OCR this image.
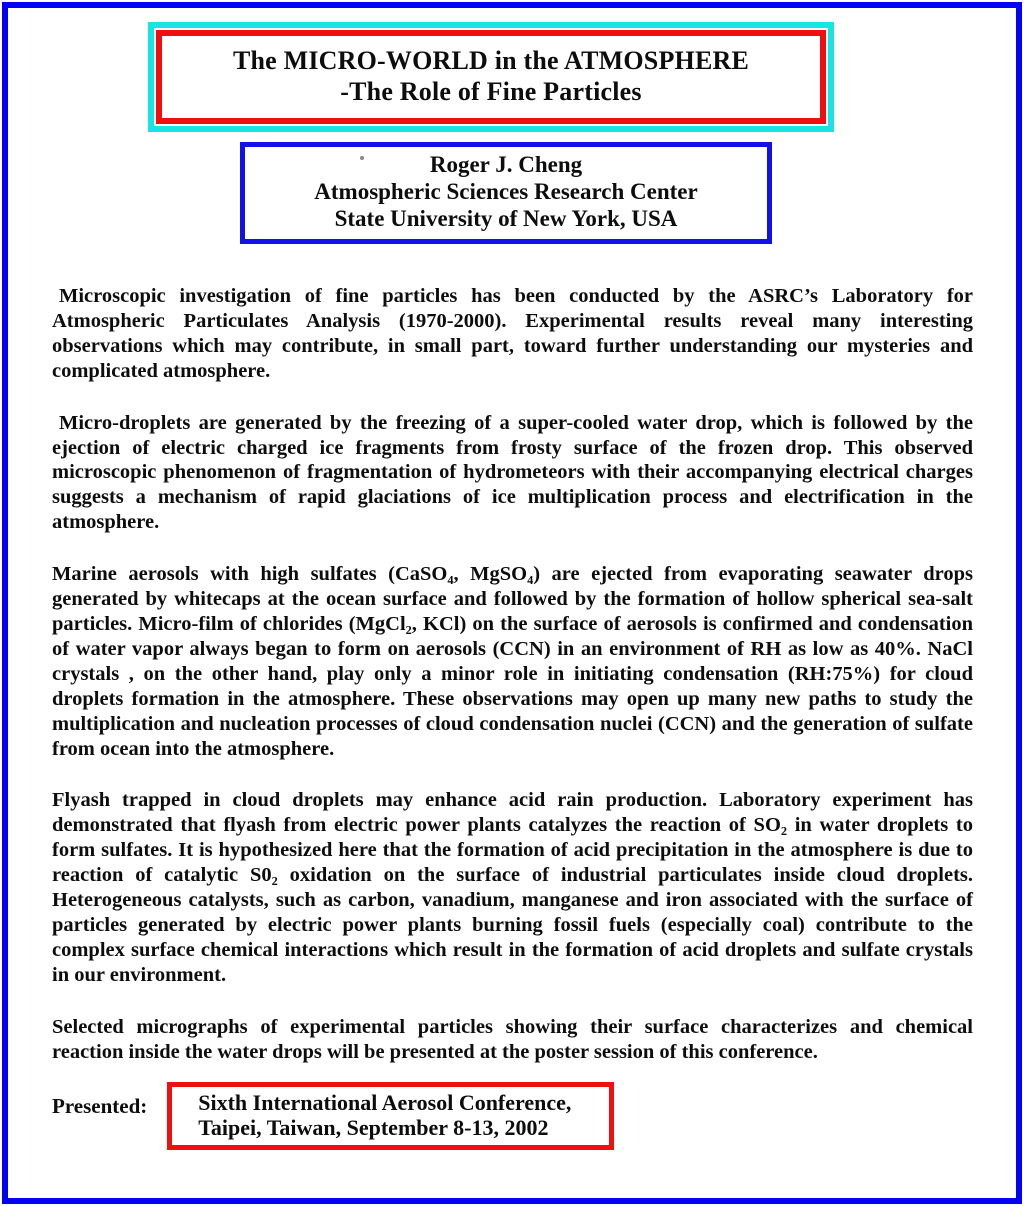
The MICRO-WORLD in the ATMOSPHERE
-The Role of Fine Particles
Roger J. Cheng
Atmospheric Sciences Research Center
State University of New York, USA

Microscopic investigation of fine particles has been conducted by the ASRC’s Laboratory for Atmospheric Particulates Analysis (1970-2000). Experimental results reveal many interesting observations which may contribute, in small part, toward further understanding our mysteries and complicated atmosphere.

Micro-droplets are generated by the freezing of a super-cooled water drop, which is followed by the ejection of electric charged ice fragments from frosty surface of the frozen drop. This observed microscopic phenomenon of fragmentation of hydrometeors with their accompanying electrical charges suggests a mechanism of rapid glaciations of ice multiplication process and electrification in the atmosphere.

Marine aerosols with high sulfates (CaSO₄, MgSO₄) are ejected from evaporating seawater drops generated by whitecaps at the ocean surface and followed by the formation of hollow spherical sea-salt particles. Micro-film of chlorides (MgCl₂, KCl) on the surface of aerosols is confirmed and condensation of water vapor always began to form on aerosols (CCN) in an environment of RH as low as 40%. NaCl crystals , on the other hand, play only a minor role in initiating condensation (RH:75%) for cloud droplets formation in the atmosphere. These observations may open up many new paths to study the multiplication and nucleation processes of cloud condensation nuclei (CCN) and the generation of sulfate from ocean into the atmosphere.

Flyash trapped in cloud droplets may enhance acid rain production. Laboratory experiment has demonstrated that flyash from electric power plants catalyzes the reaction of SO₂ in water droplets to form sulfates. It is hypothesized here that the formation of acid precipitation in the atmosphere is due to reaction of catalytic S0₂ oxidation on the surface of industrial particulates inside cloud droplets. Heterogeneous catalysts, such as carbon, vanadium, manganese and iron associated with the surface of particles generated by electric power plants burning fossil fuels (especially coal) contribute to the complex surface chemical interactions which result in the formation of acid droplets and sulfate crystals in our environment.

Selected micrographs of experimental particles showing their surface characterizes and chemical reaction inside the water drops will be presented at the poster session of this conference.

Presented: Sixth International Aerosol Conference,
Taipei, Taiwan, September 8-13, 2002
